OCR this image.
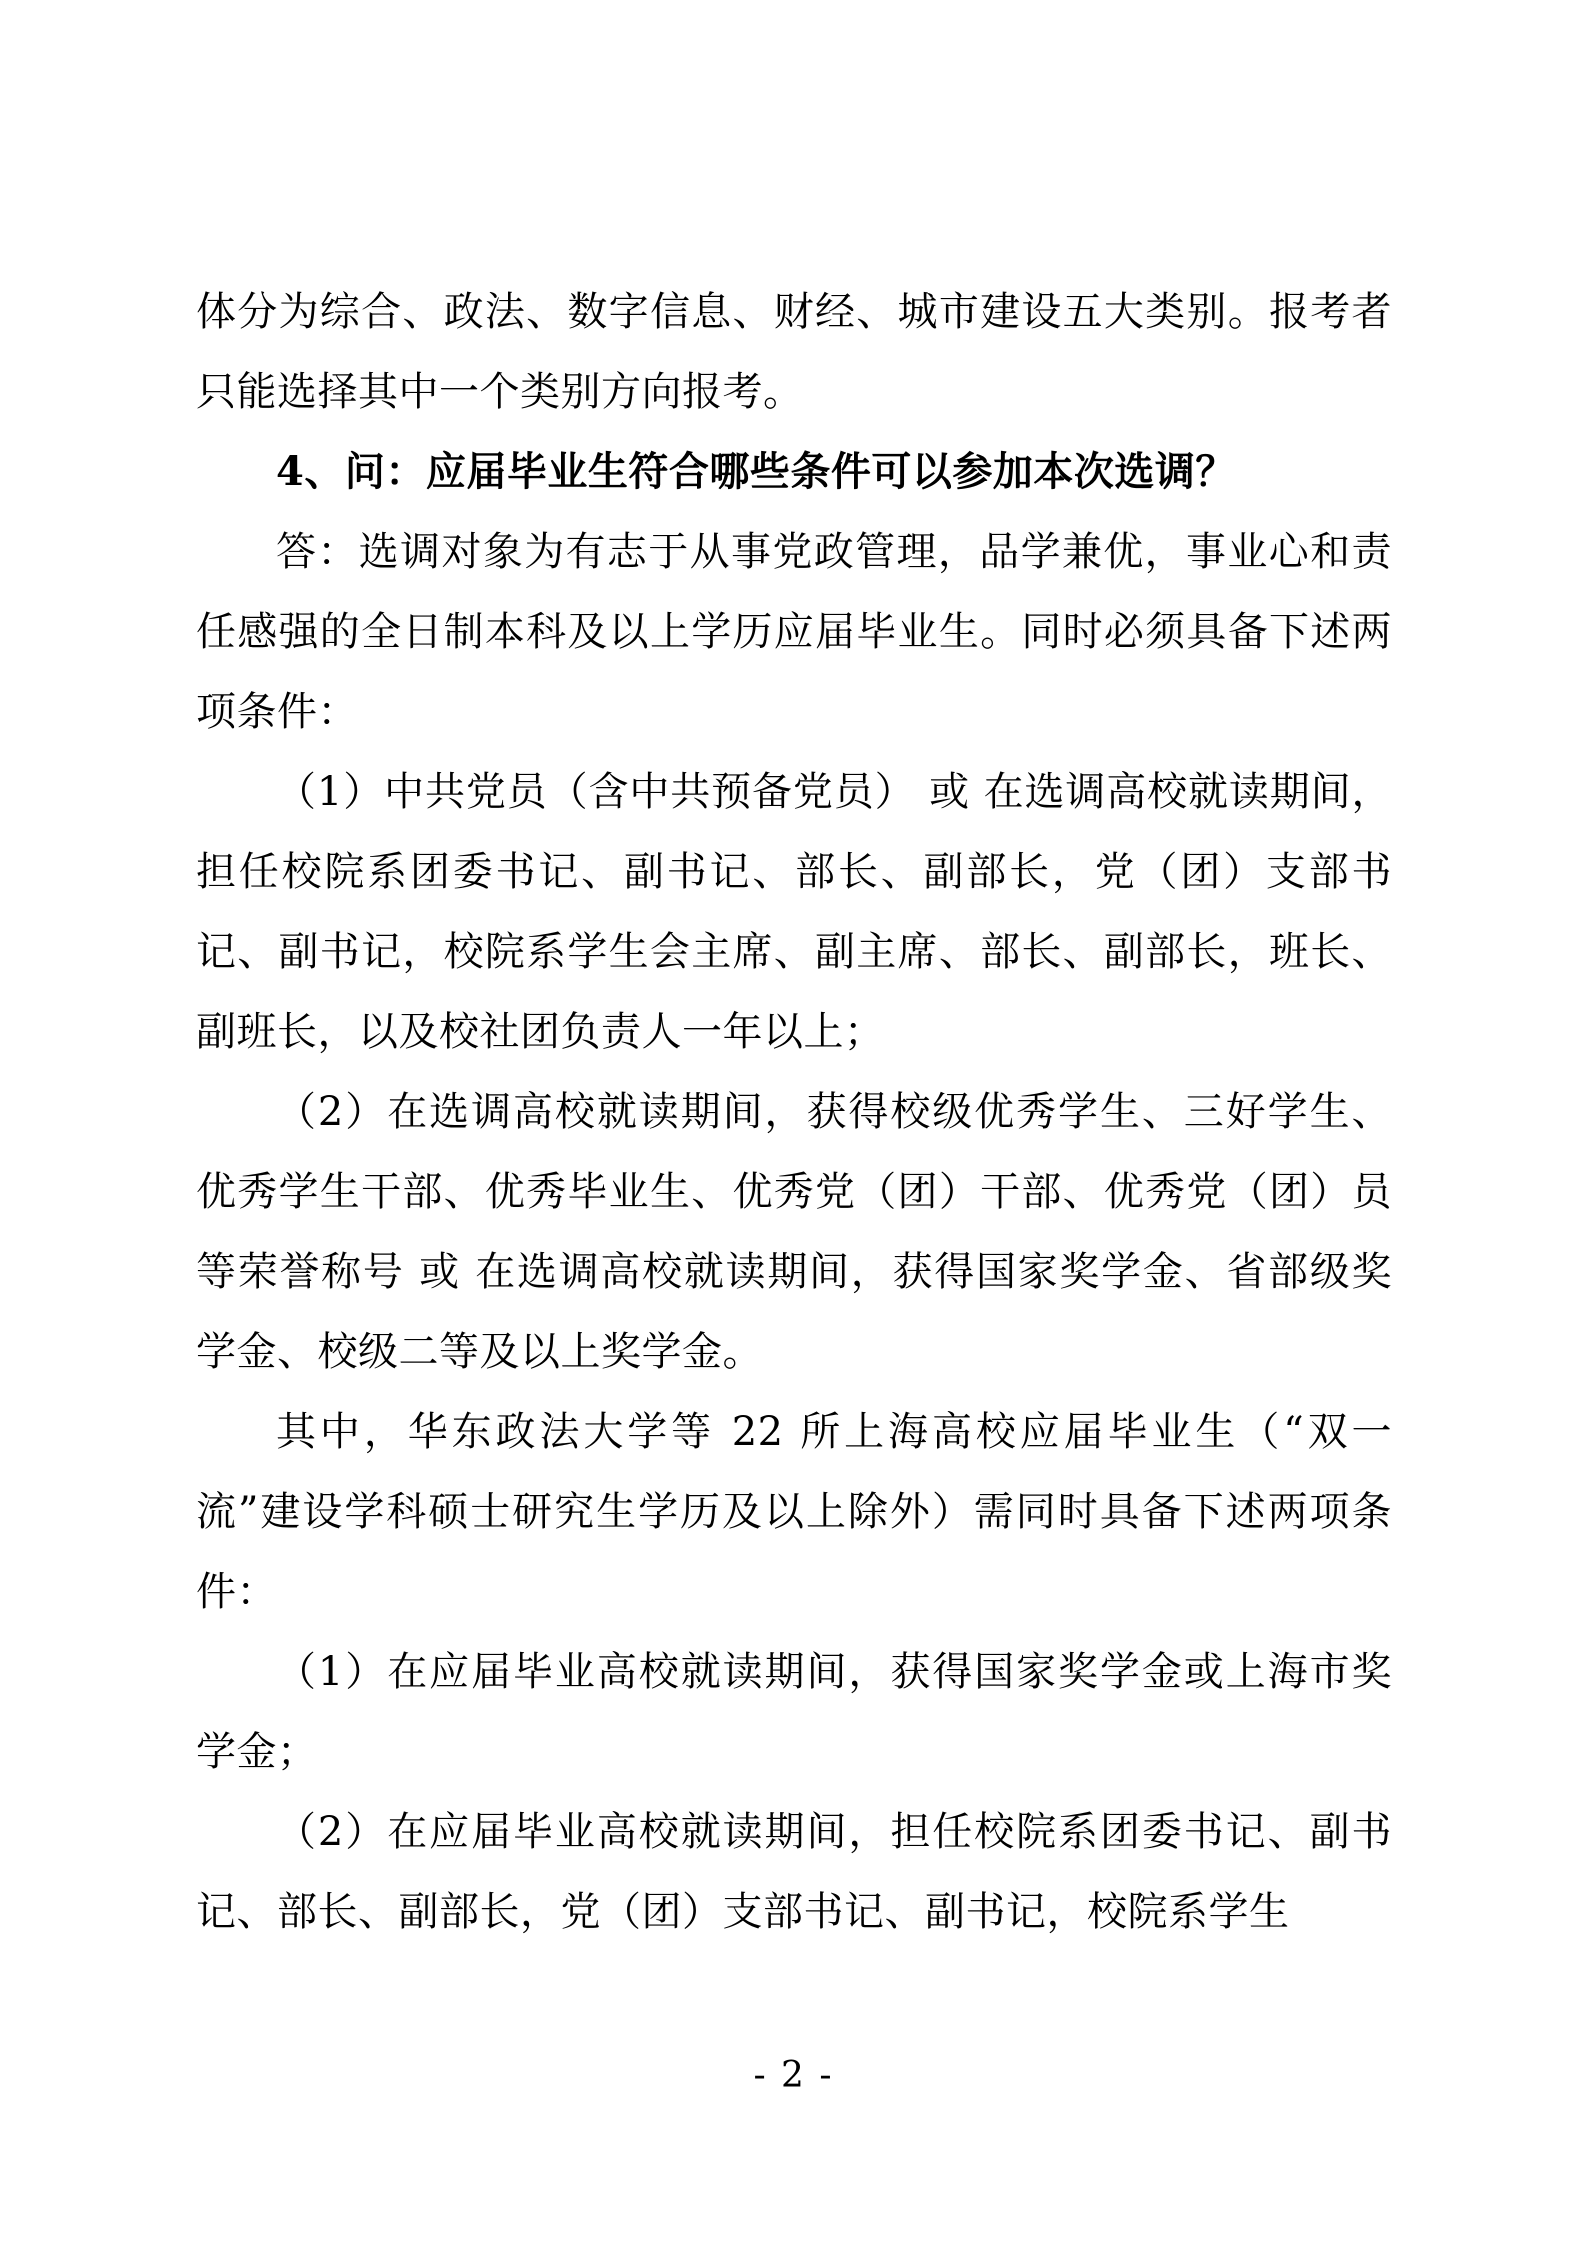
体分为综合、政法、数字信息、财经、城市建设五大类别。报考者只能选择其中一个类别方向报考。

4、问：应届毕业生符合哪些条件可以参加本次选调？

答：选调对象为有志于从事党政管理，品学兼优，事业心和责任感强的全日制本科及以上学历应届毕业生。同时必须具备下述两项条件：

（1）中共党员（含中共预备党员） 或 在选调高校就读期间，担任校院系团委书记、副书记、部长、副部长，党（团）支部书记、副书记，校院系学生会主席、副主席、部长、副部长，班长、副班长，以及校社团负责人一年以上；

（2）在选调高校就读期间，获得校级优秀学生、三好学生、优秀学生干部、优秀毕业生、优秀党（团）干部、优秀党（团）员等荣誉称号 或 在选调高校就读期间，获得国家奖学金、省部级奖学金、校级二等及以上奖学金。

其中，华东政法大学等 22 所上海高校应届毕业生（“双一流”建设学科硕士研究生学历及以上除外）需同时具备下述两项条件：

（1）在应届毕业高校就读期间，获得国家奖学金或上海市奖学金；

（2）在应届毕业高校就读期间，担任校院系团委书记、副书记、部长、副部长，党（团）支部书记、副书记，校院系学生

- 2 -
